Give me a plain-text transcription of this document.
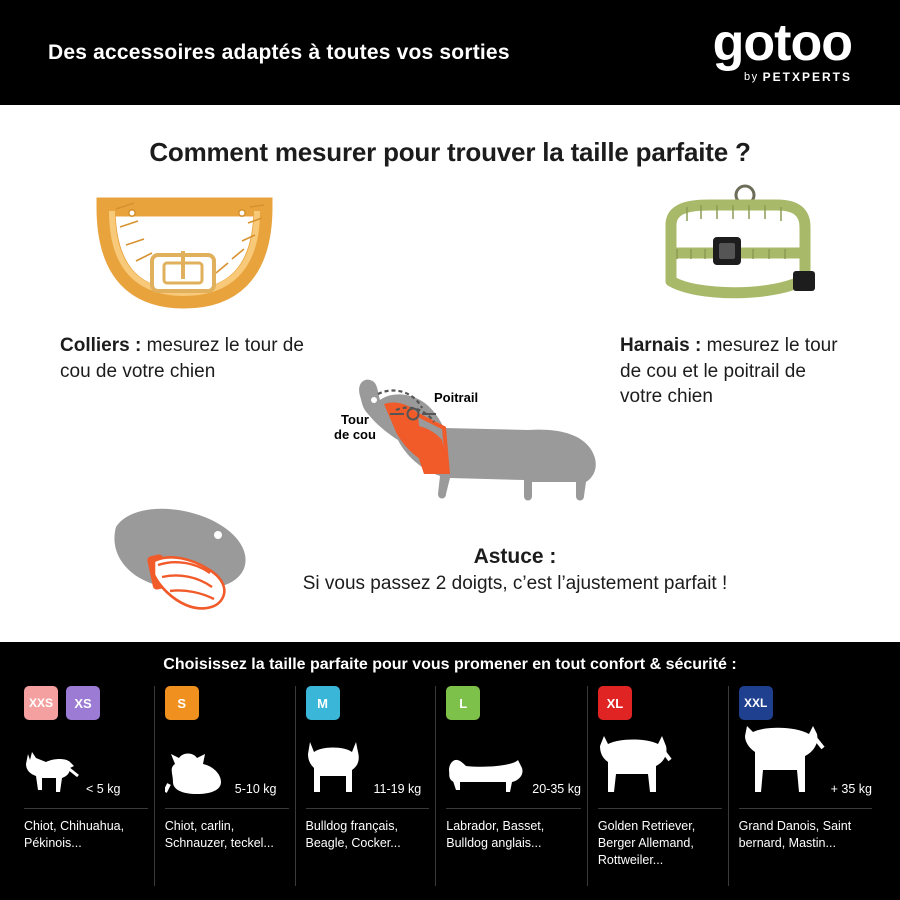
Des accessoires adaptés à toutes vos sorties	gotoo
by PETXPERTS
Comment mesurer pour trouver la taille parfaite ?
Colliers : mesurez le tour de cou de votre chien
Harnais : mesurez le tour de cou et le poitrail de votre chien
Tour
de cou
Poitrail
Astuce :
Si vous passez 2 doigts, c’est l’ajustement parfait !
Choisissez la taille parfaite pour vous promener en tout confort & sécurité :
XXS	XS
< 5 kg
Chiot, Chihuahua, Pékinois...
S
5-10 kg
Chiot, carlin, Schnauzer, teckel...
M
11-19 kg
Bulldog français, Beagle, Cocker...
L
20-35 kg
Labrador, Basset, Bulldog anglais...
XL
Golden Retriever, Berger Allemand, Rottweiler...
XXL
+ 35 kg
Grand Danois, Saint bernard, Mastin...
